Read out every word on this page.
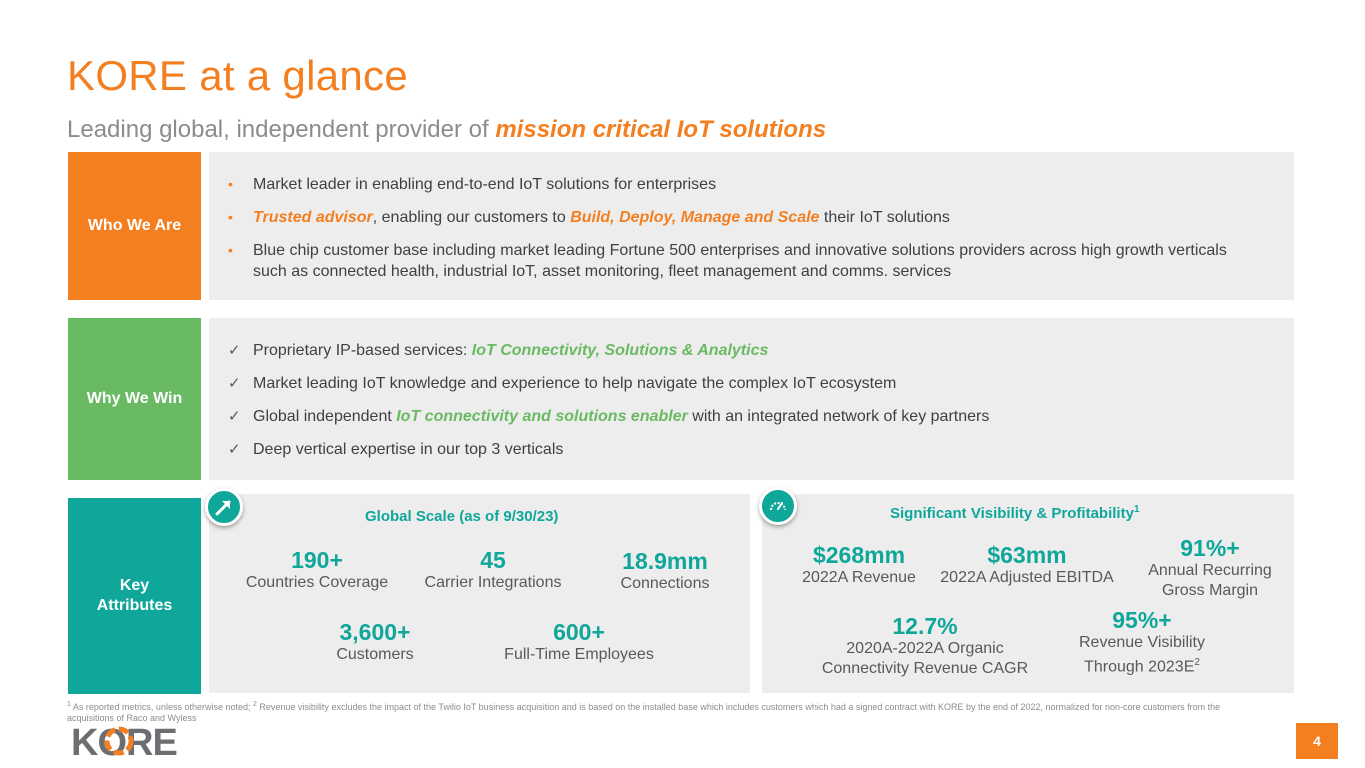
KORE at a glance
Leading global, independent provider of mission critical IoT solutions
Who We Are
• Market leader in enabling end-to-end IoT solutions for enterprises
• Trusted advisor, enabling our customers to Build, Deploy, Manage and Scale their IoT solutions
• Blue chip customer base including market leading Fortune 500 enterprises and innovative solutions providers across high growth verticals such as connected health, industrial IoT, asset monitoring, fleet management and comms. services
Why We Win
✓ Proprietary IP-based services: IoT Connectivity, Solutions & Analytics
✓ Market leading IoT knowledge and experience to help navigate the complex IoT ecosystem
✓ Global independent IoT connectivity and solutions enabler with an integrated network of key partners
✓ Deep vertical expertise in our top 3 verticals
Key Attributes
Global Scale (as of 9/30/23)
190+
Countries Coverage
45
Carrier Integrations
18.9mm
Connections
3,600+
Customers
600+
Full-Time Employees
Significant Visibility & Profitability$^1$
$268mm
2022A Revenue
$63mm
2022A Adjusted EBITDA
91%+
Annual Recurring
Gross Margin
12.7%
2020A-2022A Organic
Connectivity Revenue CAGR
95%+
Revenue Visibility
Through $2023E^2$
$^1$ As reported metrics, unless otherwise noted; $^2$ Revenue visibility excludes the impact of the Twilio IoT business acquisition and is based on the installed base which includes customers which had a signed contract with KORE by the end of 2022, normalized for non-core customers from the acquisitions of Raco and Wyless
KORE	4
